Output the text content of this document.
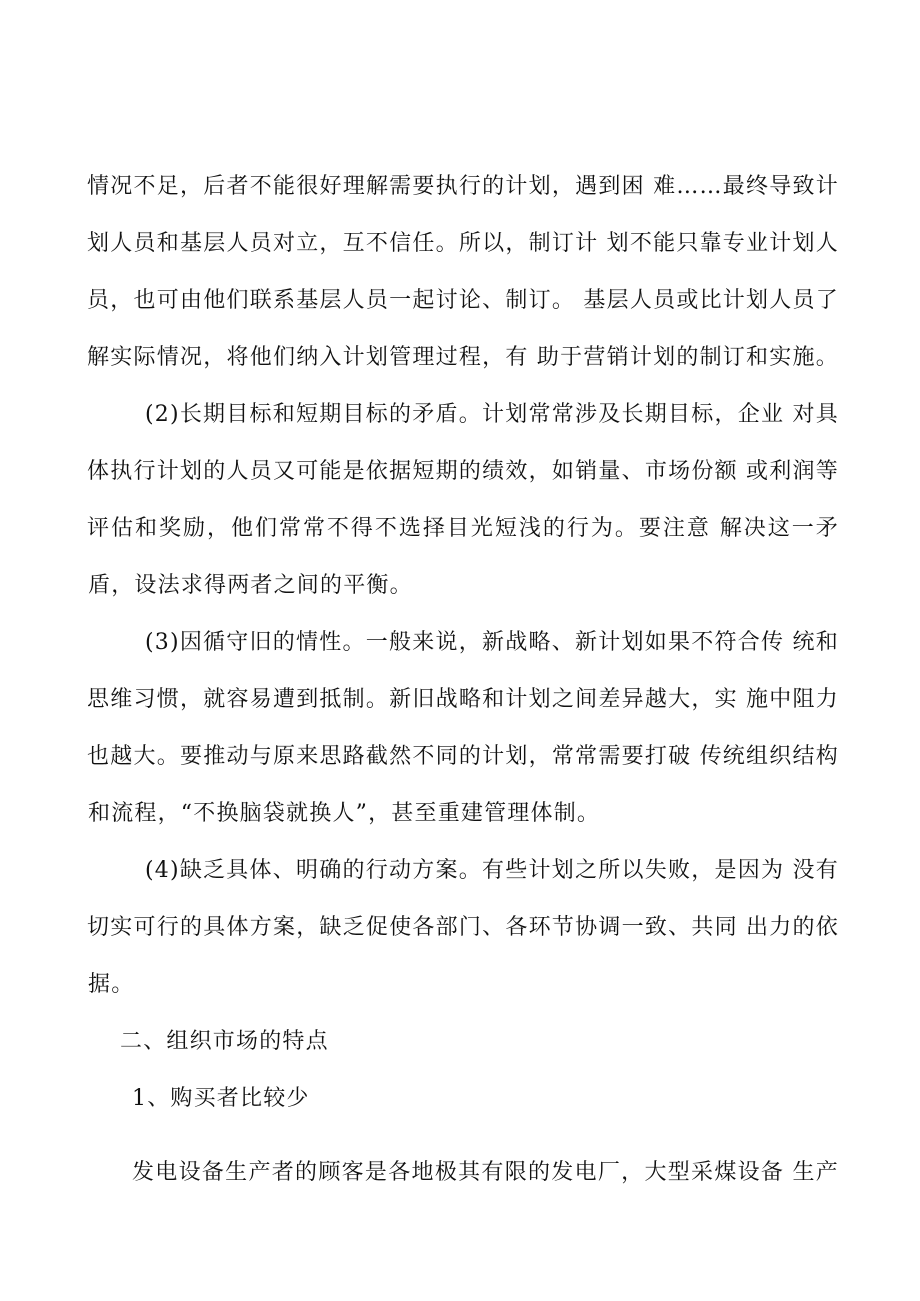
情况不足，后者不能很好理解需要执行的计划，遇到困 难……最终导致计
划人员和基层人员对立，互不信任。所以，制订计 划不能只靠专业计划人
员，也可由他们联系基层人员一起讨论、制订。 基层人员或比计划人员了
解实际情况，将他们纳入计划管理过程，有 助于营销计划的制订和实施。
(2)长期目标和短期目标的矛盾。计划常常涉及长期目标，企业 对具
体执行计划的人员又可能是依据短期的绩效，如销量、市场份额 或利润等
评估和奖励，他们常常不得不选择目光短浅的行为。要注意 解决这一矛
盾，设法求得两者之间的平衡。
(3)因循守旧的情性。一般来说，新战略、新计划如果不符合传 统和
思维习惯，就容易遭到抵制。新旧战略和计划之间差异越大，实 施中阻力
也越大。要推动与原来思路截然不同的计划，常常需要打破 传统组织结构
和流程，“不换脑袋就换人”，甚至重建管理体制。
(4)缺乏具体、明确的行动方案。有些计划之所以失败，是因为 没有
切实可行的具体方案，缺乏促使各部门、各环节协调一致、共同 出力的依
据。
二、组织市场的特点
1、购买者比较少
发电设备生产者的顾客是各地极其有限的发电厂，大型采煤设备 生产
